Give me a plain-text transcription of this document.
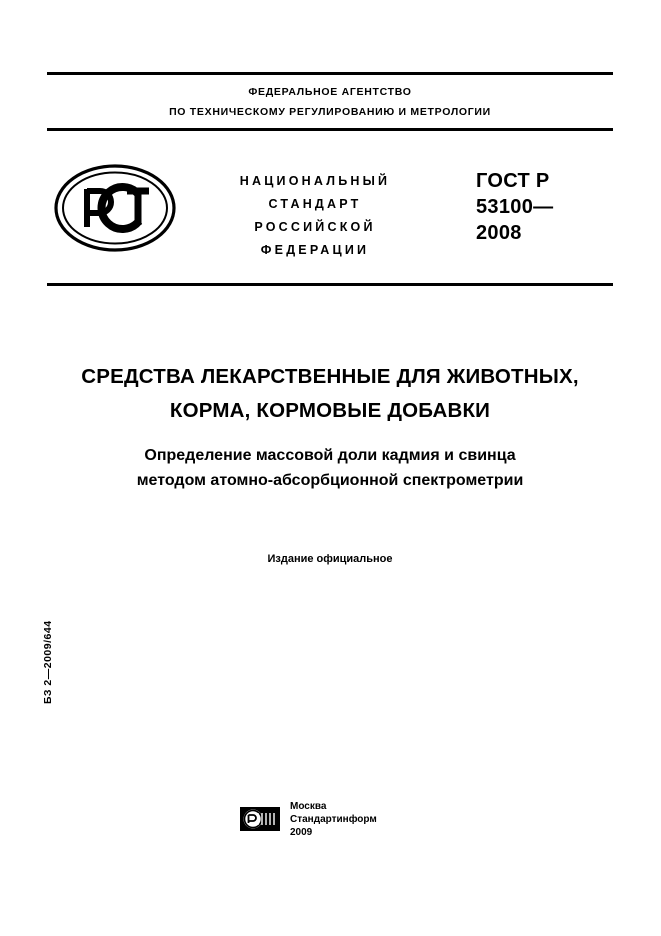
ФЕДЕРАЛЬНОЕ АГЕНТСТВО
ПО ТЕХНИЧЕСКОМУ РЕГУЛИРОВАНИЮ И МЕТРОЛОГИИ
НАЦИОНАЛЬНЫЙ
СТАНДАРТ
РОССИЙСКОЙ
ФЕДЕРАЦИИ
ГОСТ Р
53100—
2008
СРЕДСТВА ЛЕКАРСТВЕННЫЕ ДЛЯ ЖИВОТНЫХ,
КОРМА, КОРМОВЫЕ ДОБАВКИ
Определение массовой доли кадмия и свинца
методом атомно-абсорбционной спектрометрии
Издание официальное
БЗ 2—2009/644
Москва
Стандартинформ
2009
